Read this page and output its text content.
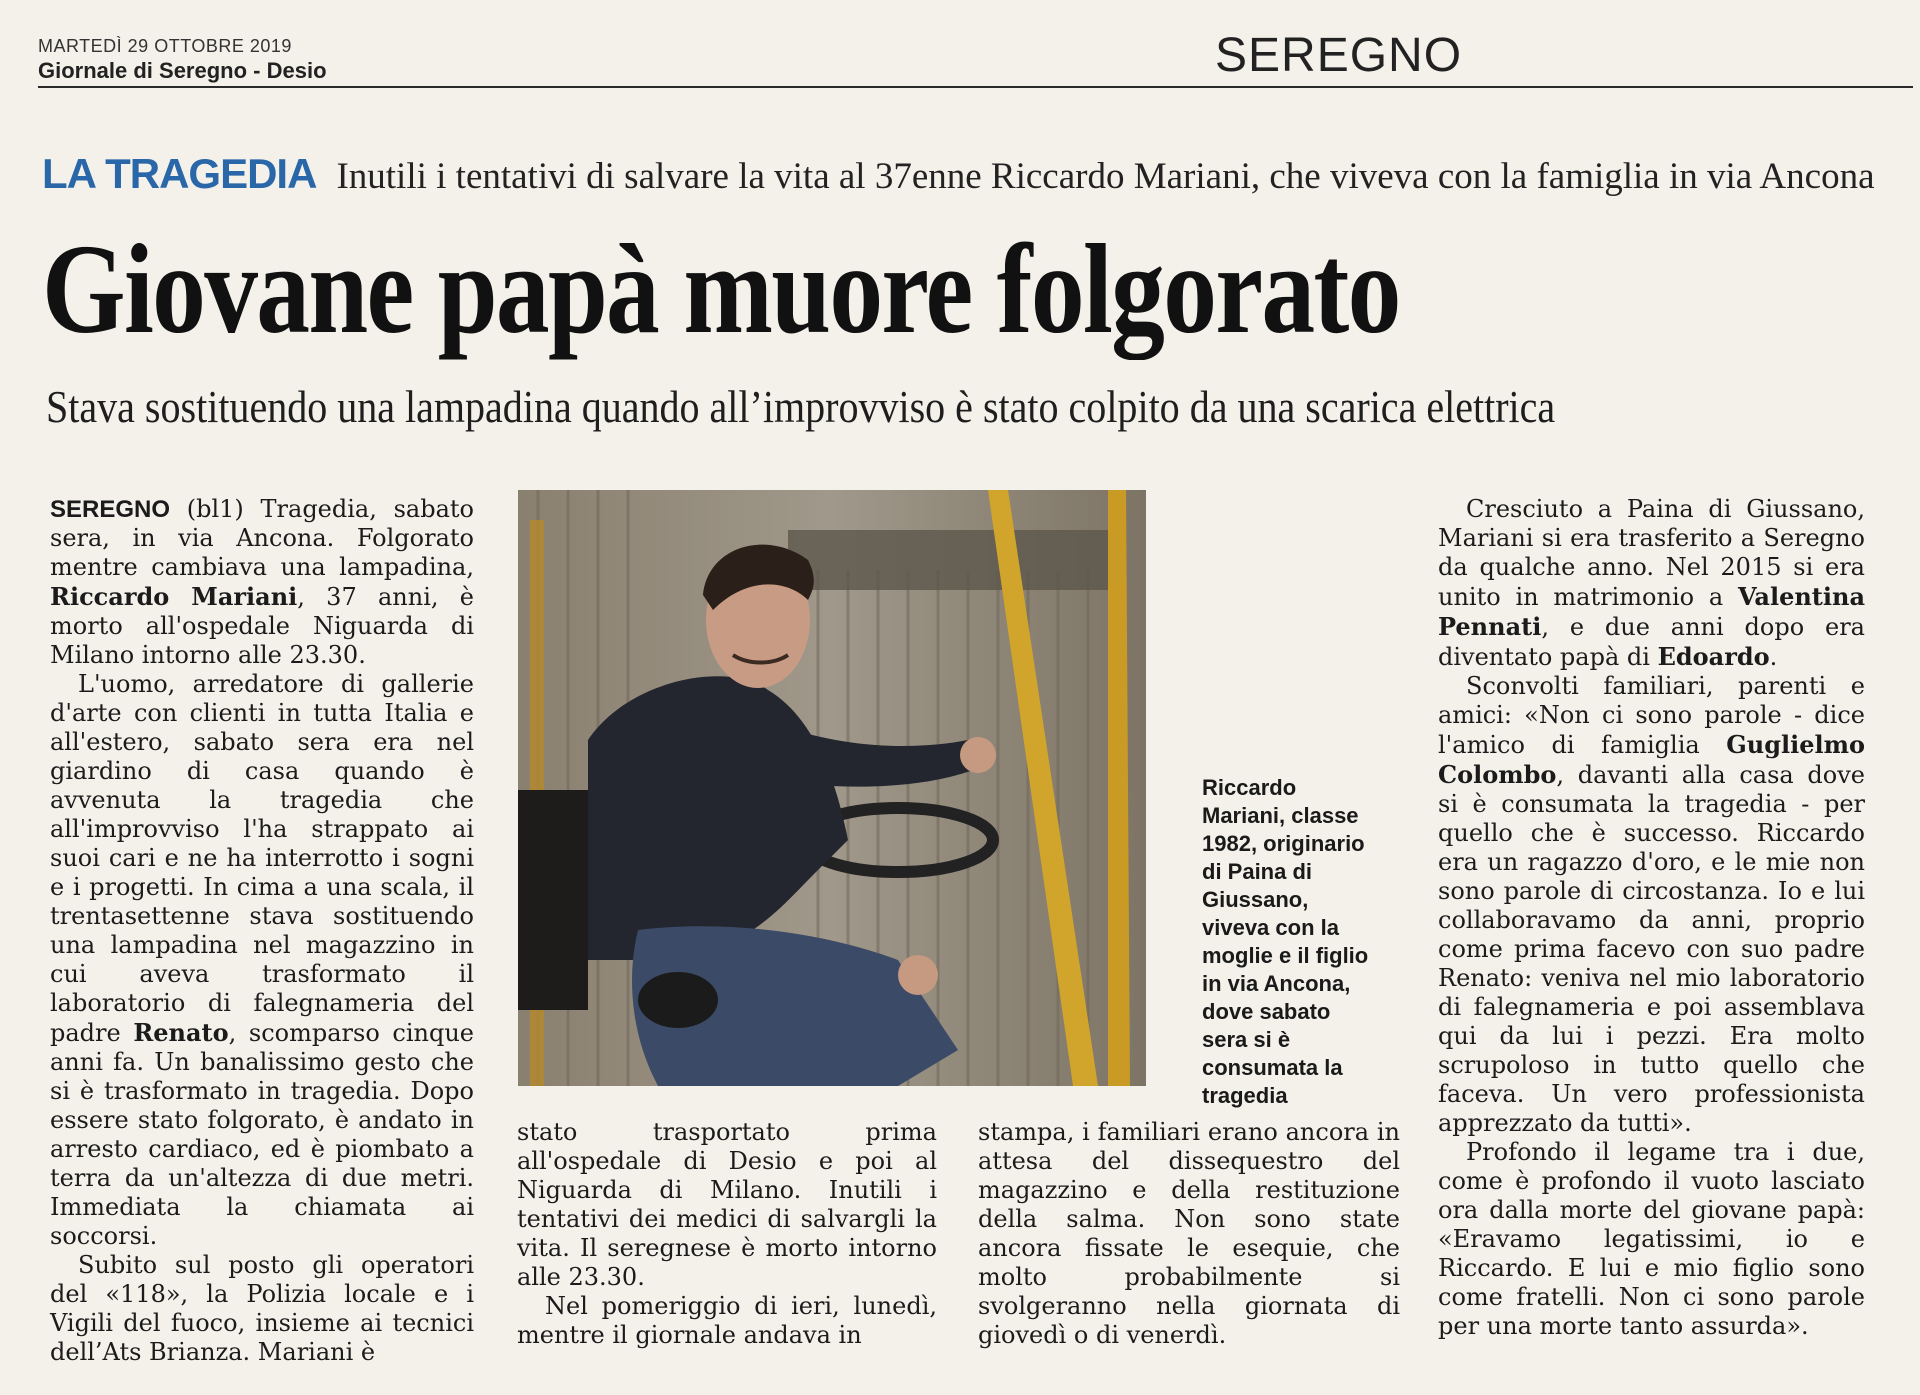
MARTEDÌ 29 OTTOBRE 2019
Giornale di Seregno - Desio	SEREGNO
LA TRAGEDIA Inutili i tentativi di salvare la vita al 37enne Riccardo Mariani, che viveva con la famiglia in via Ancona
Giovane papà muore folgorato
Stava sostituendo una lampadina quando all’improvviso è stato colpito da una scarica elettrica

SEREGNO (bl1) Tragedia, sabato sera, in via Ancona. Folgorato mentre cambiava una lampadina, Riccardo Mariani, 37 anni, è morto all'ospedale Niguarda di Milano intorno alle 23.30.

L'uomo, arredatore di gallerie d'arte con clienti in tutta Italia e all'estero, sabato sera era nel giardino di casa quando è avvenuta la tragedia che all'improvviso l'ha strappato ai suoi cari e ne ha interrotto i sogni e i progetti. In cima a una scala, il trentasettenne stava sostituendo una lampadina nel magazzino in cui aveva trasformato il laboratorio di falegnameria del padre Renato, scomparso cinque anni fa. Un banalissimo gesto che si è trasformato in tragedia. Dopo essere stato folgorato, è andato in arresto cardiaco, ed è piombato a terra da un'altezza di due metri. Immediata la chiamata ai soccorsi.

Subito sul posto gli operatori del «118», la Polizia locale e i Vigili del fuoco, insieme ai tecnici dell’Ats Brianza. Mariani è

Riccardo Mariani, classe 1982, originario di Paina di Giussano, viveva con la moglie e il figlio in via Ancona, dove sabato sera si è consumata la tragedia

stato trasportato prima all'ospedale di Desio e poi al Niguarda di Milano. Inutili i tentativi dei medici di salvargli la vita. Il seregnese è morto intorno alle 23.30.

Nel pomeriggio di ieri, lunedì, mentre il giornale andava in

stampa, i familiari erano ancora in attesa del dissequestro del magazzino e della restituzione della salma. Non sono state ancora fissate le esequie, che molto probabilmente si svolgeranno nella giornata di giovedì o di venerdì.

Cresciuto a Paina di Giussano, Mariani si era trasferito a Seregno da qualche anno. Nel 2015 si era unito in matrimonio a Valentina Pennati, e due anni dopo era diventato papà di Edoardo.

Sconvolti familiari, parenti e amici: «Non ci sono parole - dice l'amico di famiglia Guglielmo Colombo, davanti alla casa dove si è consumata la tragedia - per quello che è successo. Riccardo era un ragazzo d'oro, e le mie non sono parole di circostanza. Io e lui collaboravamo da anni, proprio come prima facevo con suo padre Renato: veniva nel mio laboratorio di falegnameria e poi assemblava qui da lui i pezzi. Era molto scrupoloso in tutto quello che faceva. Un vero professionista apprezzato da tutti».

Profondo il legame tra i due, come è profondo il vuoto lasciato ora dalla morte del giovane papà: «Eravamo legatissimi, io e Riccardo. E lui e mio figlio sono come fratelli. Non ci sono parole per una morte tanto assurda».
